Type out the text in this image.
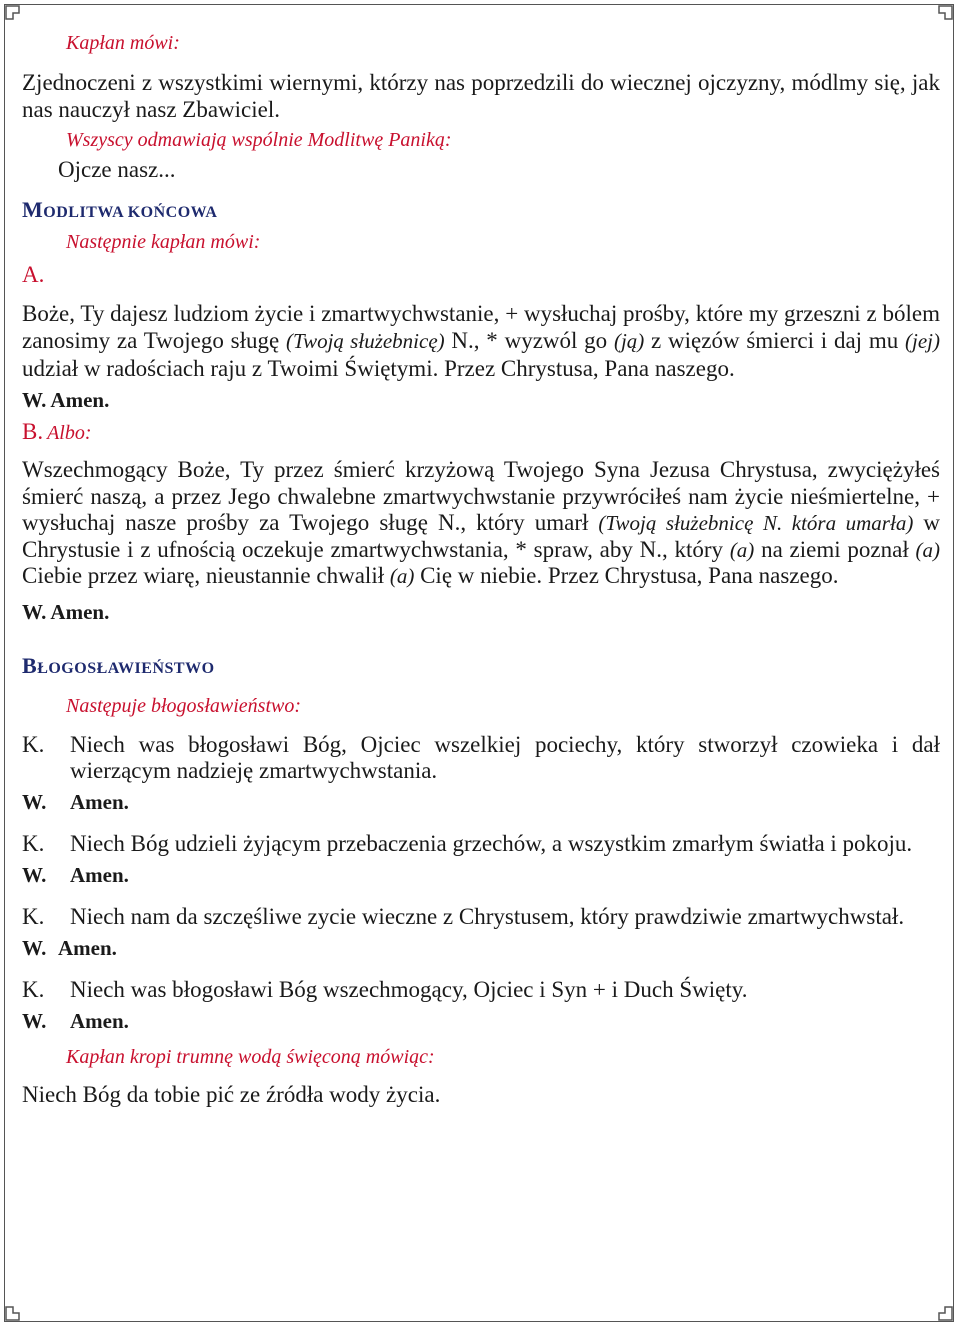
Kapłan mówi:

Zjednoczeni z wszystkimi wiernymi, którzy nas poprzedzili do wiecznej ojczyzny, módlmy się, jak nas nauczył nasz Zbawiciel.

Wszyscy odmawiają wspólnie Modlitwę Paniką:

Ojcze nasz...

MODLITWA KOŃCOWA

Następnie kapłan mówi:

A.

Boże, Ty dajesz ludziom życie i zmartwychwstanie, + wysłuchaj prośby, które my grzeszni z bólem zanosimy za Twojego sługę (Twoją służebnicę) N., * wyzwól go (ją) z więzów śmierci i daj mu (jej) udział w radościach raju z Twoimi Świętymi. Przez Chrystusa, Pana naszego.

W. Amen.

B. Albo:

Wszechmogący Boże, Ty przez śmierć krzyżową Twojego Syna Jezusa Chrystusa, zwyciężyłeś śmierć naszą, a przez Jego chwalebne zmartwychwstanie przywróciłeś nam życie nieśmiertelne, + wysłuchaj nasze prośby za Twojego sługę N., który umarł (Twoją służebnicę N. która umarła) w Chrystusie i z ufnością oczekuje zmartwychwstania, * spraw, aby N., który (a) na ziemi poznał (a) Ciebie przez wiarę, nieustannie chwalił (a) Cię w niebie. Przez Chrystusa, Pana naszego.

W. Amen.

BŁOGOSŁAWIEŃSTWO

Następuje błogosławieństwo:

K.	Niech was błogosławi Bóg, Ojciec wszelkiej pociechy, który stworzył czowieka i dał wierzącym nadzieję zmartwychwstania.
W.	Amen.
K.	Niech Bóg udzieli żyjącym przebaczenia grzechów, a wszystkim zmarłym światła i pokoju.
W.	Amen.
K.	Niech nam da szczęśliwe zycie wieczne z Chrystusem, który prawdziwie zmartwychwstał.
W. Amen.
K.	Niech was błogosławi Bóg wszechmogący, Ojciec i Syn + i Duch Święty.
W.	Amen.

Kapłan kropi trumnę wodą święconą mówiąc:

Niech Bóg da tobie pić ze źródła wody życia.
